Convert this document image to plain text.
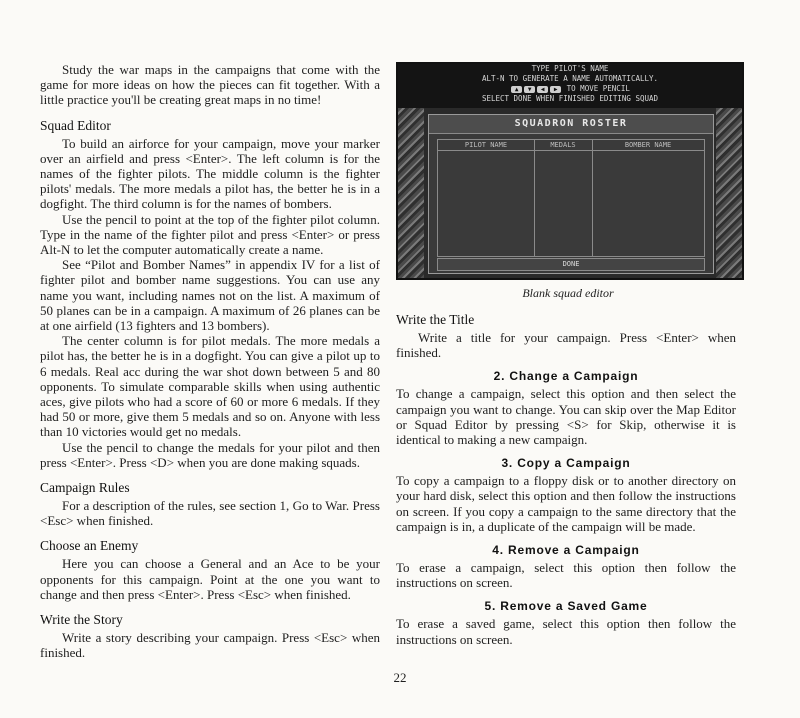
Study the war maps in the campaigns that come with the game for more ideas on how the pieces can fit together. With a little practice you'll be creating great maps in no time!

Squad Editor

To build an airforce for your campaign, move your marker over an airfield and press <Enter>. The left column is for the names of the fighter pilots. The middle column is the fighter pilots' medals. The more medals a pilot has, the better he is in a dogfight. The third column is for the names of bombers.

Use the pencil to point at the top of the fighter pilot column. Type in the name of the fighter pilot and press <Enter> or press Alt-N to let the computer automatically create a name.

See “Pilot and Bomber Names” in appendix IV for a list of fighter pilot and bomber name suggestions. You can use any name you want, including names not on the list. A maximum of 50 planes can be in a campaign. A maximum of 26 planes can be at one airfield (13 fighters and 13 bombers).

The center column is for pilot medals. The more medals a pilot has, the better he is in a dogfight. You can give a pilot up to 6 medals. Real acc during the war shot down between 5 and 80 opponents. To simulate comparable skills when using authentic aces, give pilots who had a score of 60 or more 6 medals. If they had 50 or more, give them 5 medals and so on. Anyone with less than 10 victories would get no medals.

Use the pencil to change the medals for your pilot and then press <Enter>. Press <D> when you are done making squads.

Campaign Rules

For a description of the rules, see section 1, Go to War. Press <Esc> when finished.

Choose an Enemy

Here you can choose a General and an Ace to be your opponents for this campaign. Point at the one you want to change and then press <Enter>. Press <Esc> when finished.

Write the Story

Write a story describing your campaign. Press <Esc> when finished.

TYPE PILOT'S NAME
ALT-N TO GENERATE A NAME AUTOMATICALLY.
▲ ▼ ◀ ▶ TO MOVE PENCIL
SELECT DONE WHEN FINISHED EDITING SQUAD
SQUADRON ROSTER
PILOT NAME	MEDALS	BOMBER NAME
DONE
Blank squad editor
Write the Title

Write a title for your campaign. Press <Enter> when finished.

2. Change a Campaign

To change a campaign, select this option and then select the campaign you want to change. You can skip over the Map Editor or Squad Editor by pressing <S> for Skip, otherwise it is identical to making a new campaign.

3. Copy a Campaign

To copy a campaign to a floppy disk or to another directory on your hard disk, select this option and then follow the instructions on screen. If you copy a campaign to the same directory that the campaign is in, a duplicate of the campaign will be made.

4. Remove a Campaign

To erase a campaign, select this option then follow the instructions on screen.

5. Remove a Saved Game

To erase a saved game, select this option then follow the instructions on screen.

22
